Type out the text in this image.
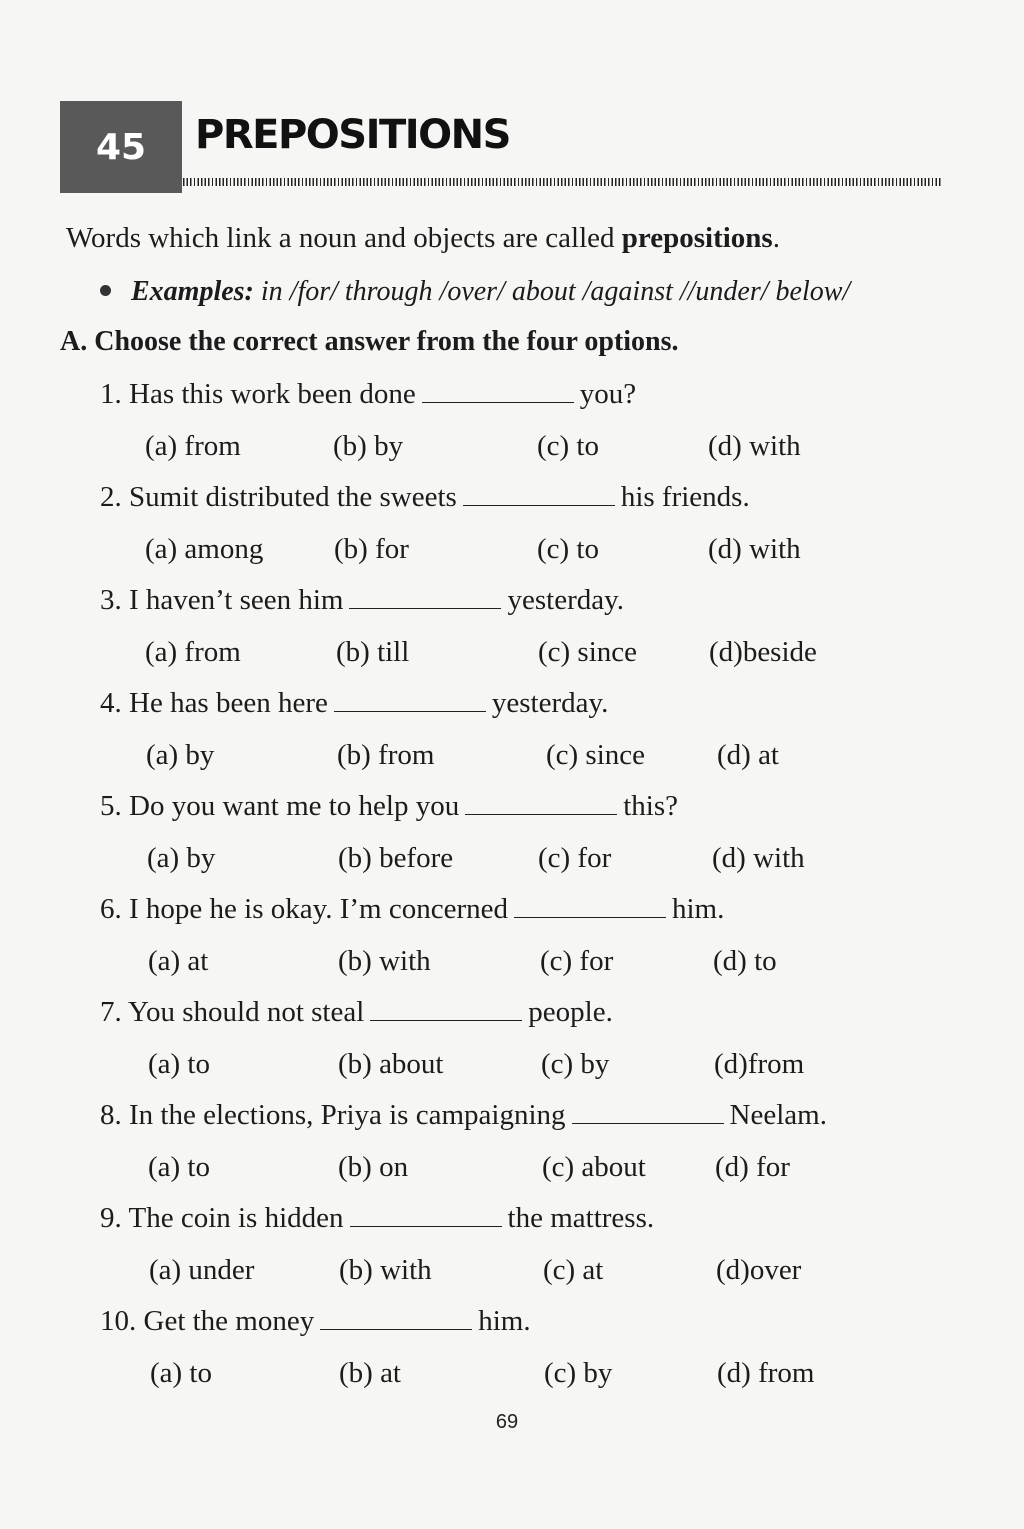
45 PREPOSITIONS
Words which link a noun and objects are called prepositions.
Examples: in /for/ through /over/ about /against //under/ below/
A. Choose the correct answer from the four options.
1. Has this work been done	you?
(a) from	(b) by	(c) to	(d) with
2. Sumit distributed the sweets	his friends.
(a) among (b) for	(c) to	(d) with
3. I haven’t seen him	yesterday.
(a) from	(b) till	(c) since (d)beside
4. He has been here	yesterday.
(a) by	(b) from	(c) since (d) at
5. Do you want me to help you	this?
(a) by	(b) before	(c) for	(d) with
6. I hope he is okay. I’m concerned	him.
(a) at	(b) with	(c) for	(d) to
7. You should not steal	people.
(a) to	(b) about	(c) by	(d)from
8. In the elections, Priya is campaigning	Neelam.
(a) to	(b) on	(c) about (d) for
9. The coin is hidden	the mattress.
(a) under	(b) with	(c) at	(d)over
10. Get the money	him.
(a) to	(b) at	(c) by	(d) from
69
